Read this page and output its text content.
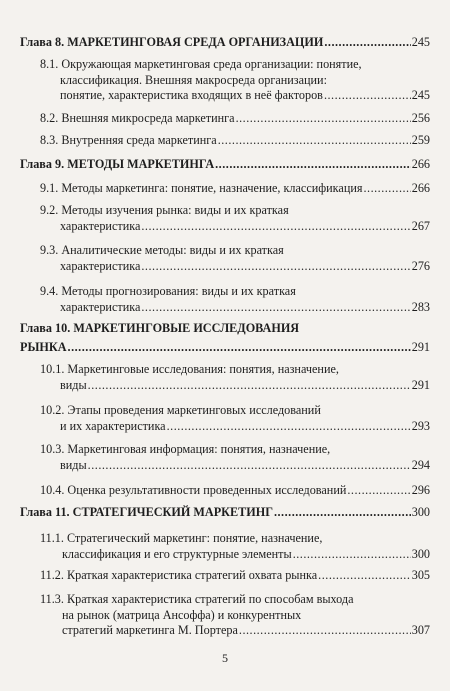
Глава 8. МАРКЕТИНГОВАЯ СРЕДА ОРГАНИЗАЦИИ .....	245
8.1. Окружающая маркетинговая среда организации: понятие,
классификация. Внешняя макросреда организации:
понятие, характеристика входящих в неё факторов .....	245
8.2. Внешняя микросреда маркетинга .....	256
8.3. Внутренняя среда маркетинга .....	259
Глава 9. МЕТОДЫ МАРКЕТИНГА .....	266
9.1. Методы маркетинга: понятие, назначение, классификация .....	266
9.2. Методы изучения рынка: виды и их краткая
характеристика .....	267
9.3. Аналитические методы: виды и их краткая
характеристика .....	276
9.4. Методы прогнозирования: виды и их краткая
характеристика .....	283
Глава 10. МАРКЕТИНГОВЫЕ ИССЛЕДОВАНИЯ
РЫНКА .....	291
10.1. Маркетинговые исследования: понятия, назначение,
виды .....	291
10.2. Этапы проведения маркетинговых исследований
и их характеристика .....	293
10.3. Маркетинговая информация: понятия, назначение,
виды .....	294
10.4. Оценка результативности проведенных исследований .....	296
Глава 11. СТРАТЕГИЧЕСКИЙ МАРКЕТИНГ .....	300
11.1. Стратегический маркетинг: понятие, назначение,
классификация и его структурные элементы .....	300
11.2. Краткая характеристика стратегий охвата рынка .....	305
11.3. Краткая характеристика стратегий по способам выхода
на рынок (матрица Ансоффа) и конкурентных
стратегий маркетинга М. Портера .....	307
5
